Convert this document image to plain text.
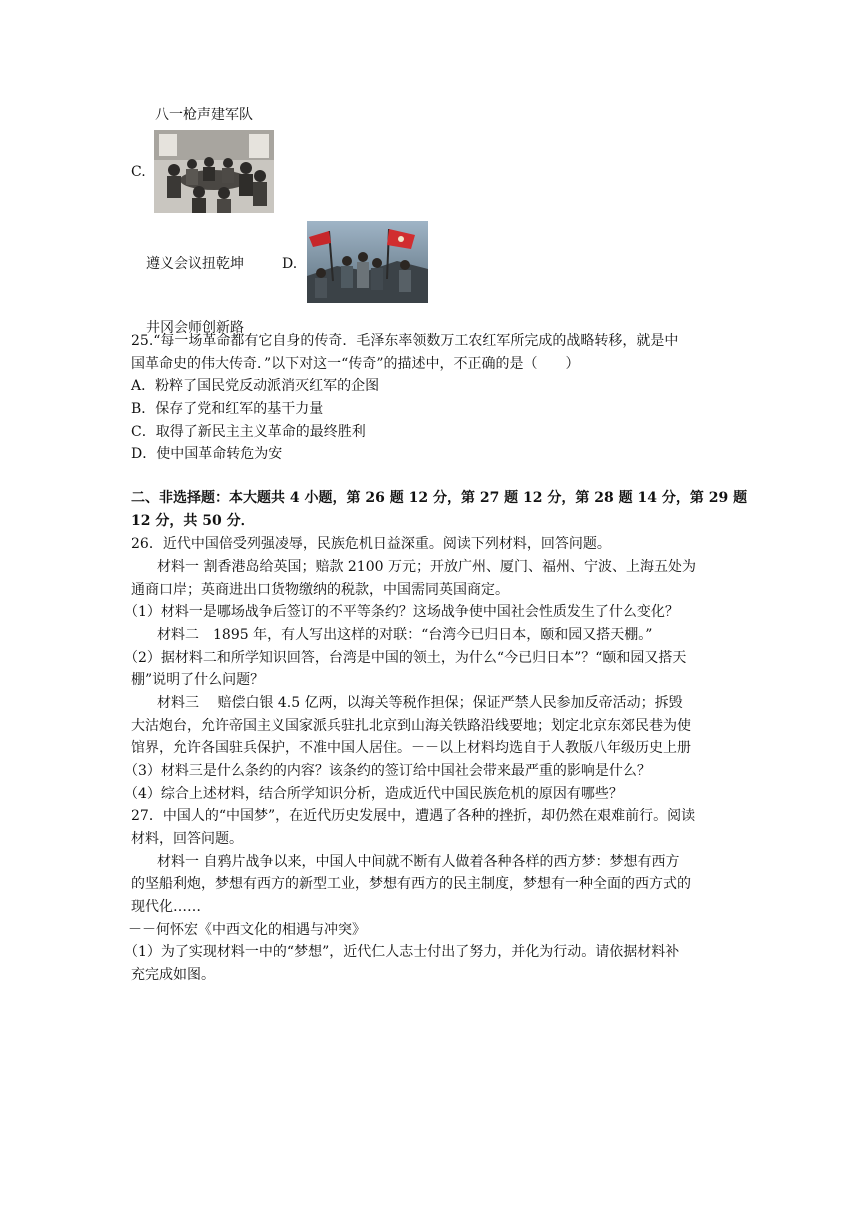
八一枪声建军队
C.
遵义会议扭乾坤	D.
井冈会师创新路
25.“每一场革命都有它自身的传奇．毛泽东率领数万工农红军所完成的战略转移，就是中
国革命史的伟大传奇．”以下对这一“传奇”的描述中，不正确的是（　　）
A．粉粹了国民党反动派消灭红军的企图
B．保存了党和红军的基干力量
C．取得了新民主主义革命的最终胜利
D．使中国革命转危为安
二、非选择题：本大题共 4 小题，第 26 题 12 分，第 27 题 12 分，第 28 题 14 分，第 29 题
12 分，共 50 分．
26．近代中国倍受列强凌辱，民族危机日益深重。阅读下列材料，回答问题。
材料一 割香港岛给英国；赔款 2100 万元；开放广州、厦门、福州、宁波、上海五处为
通商口岸；英商进出口货物缴纳的税款，中国需同英国商定。
（1）材料一是哪场战争后签订的不平等条约？这场战争使中国社会性质发生了什么变化？
材料二　1895 年，有人写出这样的对联：“台湾今已归日本，颐和园又搭天棚。”
（2）据材料二和所学知识回答，台湾是中国的领土，为什么“今已归日本”？“颐和园又搭天
棚”说明了什么问题？
材料三　 赔偿白银 4.5 亿两，以海关等税作担保；保证严禁人民参加反帝活动；拆毁
大沽炮台，允许帝国主义国家派兵驻扎北京到山海关铁路沿线要地；划定北京东郊民巷为使
馆界，允许各国驻兵保护，不准中国人居住。－－以上材料均选自于人教版八年级历史上册
（3）材料三是什么条约的内容？该条约的签订给中国社会带来最严重的影响是什么？
（4）综合上述材料，结合所学知识分析，造成近代中国民族危机的原因有哪些？
27．中国人的“中国梦”，在近代历史发展中，遭遇了各种的挫折，却仍然在艰难前行。阅读
材料，回答问题。
材料一 自鸦片战争以来，中国人中间就不断有人做着各种各样的西方梦：梦想有西方
的坚船利炮，梦想有西方的新型工业，梦想有西方的民主制度，梦想有一种全面的西方式的
现代化……
－－何怀宏《中西文化的相遇与冲突》
（1）为了实现材料一中的“梦想”，近代仁人志士付出了努力，并化为行动。请依据材料补
充完成如图。
